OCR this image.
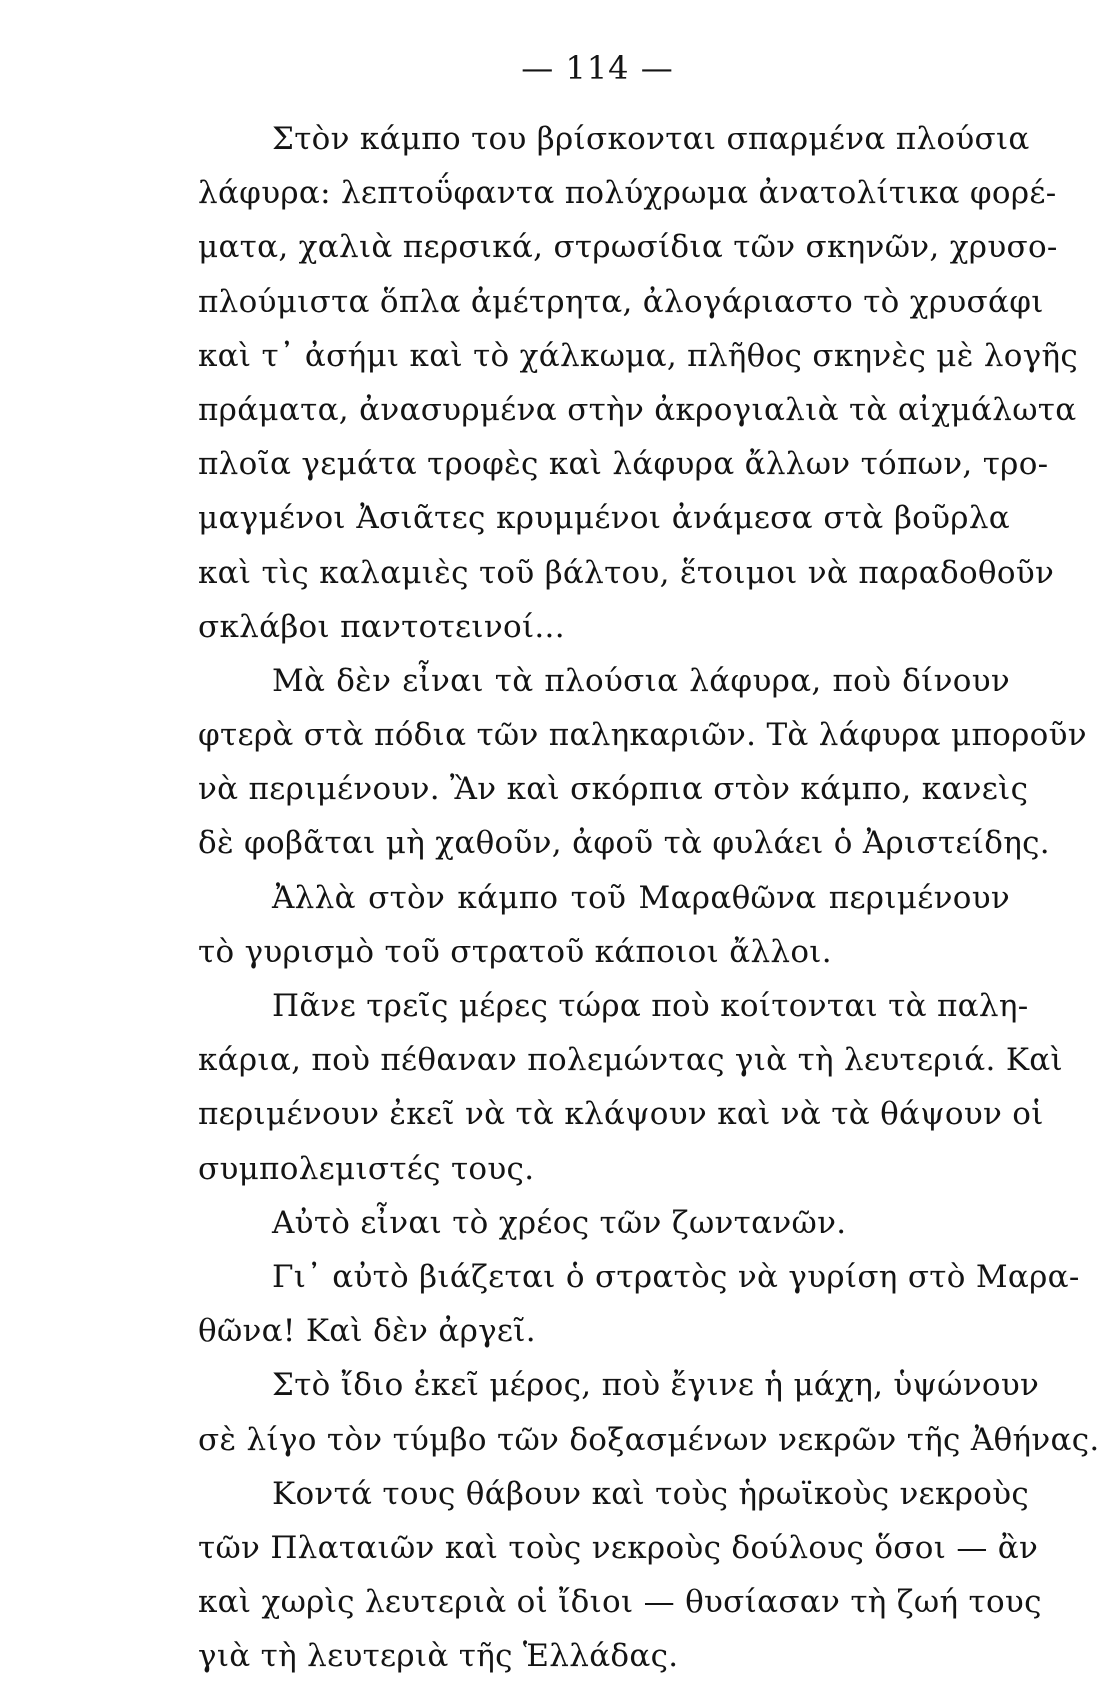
— 114 —
Στὸν κάμπο του βρίσκονται σπαρμένα πλούσια
λάφυρα: λεπτοΰφαντα πολύχρωμα ἀνατολίτικα φορέ-
ματα, χαλιὰ περσικά, στρωσίδια τῶν σκηνῶν, χρυσο-
πλούμιστα ὅπλα ἀμέτρητα, ἀλογάριαστο τὸ χρυσάφι
καὶ τ᾿ ἀσήμι καὶ τὸ χάλκωμα, πλῆθος σκηνὲς μὲ λογῆς
πράματα, ἀνασυρμένα στὴν ἀκρογιαλιὰ τὰ αἰχμάλωτα
πλοῖα γεμάτα τροφὲς καὶ λάφυρα ἄλλων τόπων, τρο-
μαγμένοι Ἀσιᾶτες κρυμμένοι ἀνάμεσα στὰ βοῦρλα
καὶ τὶς καλαμιὲς τοῦ βάλτου, ἕτοιμοι νὰ παραδοθοῦν
σκλάβοι παντοτεινοί...
Μὰ δὲν εἶναι τὰ πλούσια λάφυρα, ποὺ δίνουν
φτερὰ στὰ πόδια τῶν παληκαριῶν. Τὰ λάφυρα μποροῦν
νὰ περιμένουν. Ἂν καὶ σκόρπια στὸν κάμπο, κανεὶς
δὲ φοβᾶται μὴ χαθοῦν, ἀφοῦ τὰ φυλάει ὁ Ἀριστείδης.
Ἀλλὰ στὸν κάμπο τοῦ Μαραθῶνα περιμένουν
τὸ γυρισμὸ τοῦ στρατοῦ κάποιοι ἄλλοι.
Πᾶνε τρεῖς μέρες τώρα ποὺ κοίτονται τὰ παλη-
κάρια, ποὺ πέθαναν πολεμώντας γιὰ τὴ λευτεριά. Καὶ
περιμένουν ἐκεῖ νὰ τὰ κλάψουν καὶ νὰ τὰ θάψουν οἱ
συμπολεμιστές τους.
Αὐτὸ εἶναι τὸ χρέος τῶν ζωντανῶν.
Γι᾿ αὐτὸ βιάζεται ὁ στρατὸς νὰ γυρίση στὸ Μαρα-
θῶνα! Καὶ δὲν ἀργεῖ.
Στὸ ἴδιο ἐκεῖ μέρος, ποὺ ἔγινε ἡ μάχη, ὑψώνουν
σὲ λίγο τὸν τύμβο τῶν δοξασμένων νεκρῶν τῆς Ἀθήνας.
Κοντά τους θάβουν καὶ τοὺς ἡρωϊκοὺς νεκροὺς
τῶν Πλαταιῶν καὶ τοὺς νεκροὺς δούλους ὅσοι — ἂν
καὶ χωρὶς λευτεριὰ οἱ ἴδιοι — θυσίασαν τὴ ζωή τους
γιὰ τὴ λευτεριὰ τῆς Ἑλλάδας.
